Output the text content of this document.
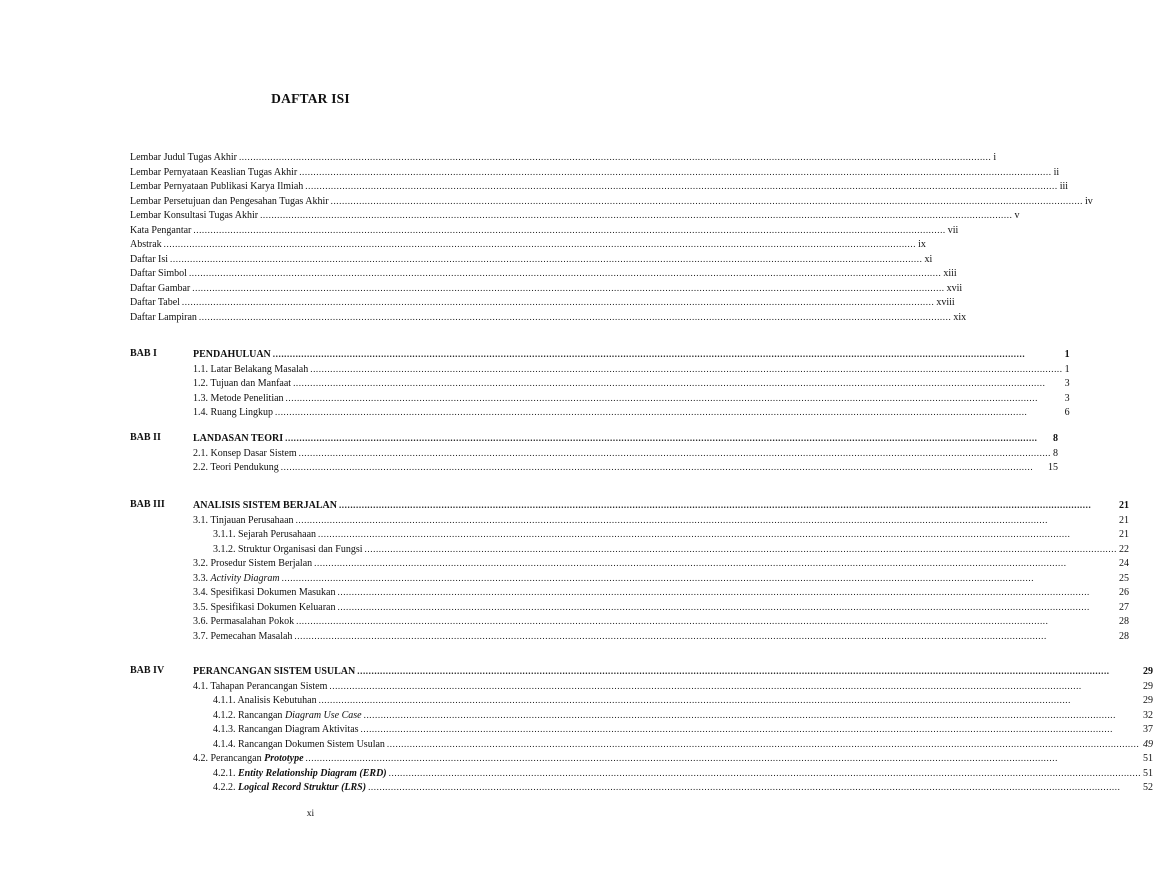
DAFTAR ISI
Lembar Judul Tugas Akhir .....	i
Lembar Pernyataan Keaslian Tugas Akhir .....	ii
Lembar Pernyataan Publikasi Karya Ilmiah .....	iii
Lembar Persetujuan dan Pengesahan Tugas Akhir .....	iv
Lembar Konsultasi Tugas Akhir .....	v
Kata Pengantar .....	vii
Abstrak .....	ix
Daftar Isi .....	xi
Daftar Simbol .....	xiii
Daftar Gambar .....	xvii
Daftar Tabel .....	xviii
Daftar Lampiran .....	xix
BAB I	PENDAHULUAN .....	1
1.1. Latar Belakang Masalah .....	1
1.2. Tujuan dan Manfaat .....	3
1.3. Metode Penelitian .....	3
1.4. Ruang Lingkup .....	6
BAB II	LANDASAN TEORI .....	8
2.1. Konsep Dasar Sistem .....	8
2.2. Teori Pendukung .....	15
BAB III	ANALISIS SISTEM BERJALAN .....	21
3.1. Tinjauan Perusahaan .....	21
3.1.1. Sejarah Perusahaan .....	21
3.1.2. Struktur Organisasi dan Fungsi .....	22
3.2. Prosedur Sistem Berjalan .....	24
3.3. Activity Diagram .....	25
3.4. Spesifikasi Dokumen Masukan .....	26
3.5. Spesifikasi Dokumen Keluaran .....	27
3.6. Permasalahan Pokok .....	28
3.7. Pemecahan Masalah .....	28
BAB IV	PERANCANGAN SISTEM USULAN .....	29
4.1. Tahapan Perancangan Sistem .....	29
4.1.1. Analisis Kebutuhan .....	29
4.1.2. Rancangan Diagram Use Case .....	32
4.1.3. Rancangan Diagram Aktivitas .....	37
4.1.4. Rancangan Dokumen Sistem Usulan .....	49
4.2. Perancangan Prototype .....	51
4.2.1. Entity Relationship Diagram (ERD) .....	51
4.2.2. Logical Record Struktur (LRS) .....	52
xi
